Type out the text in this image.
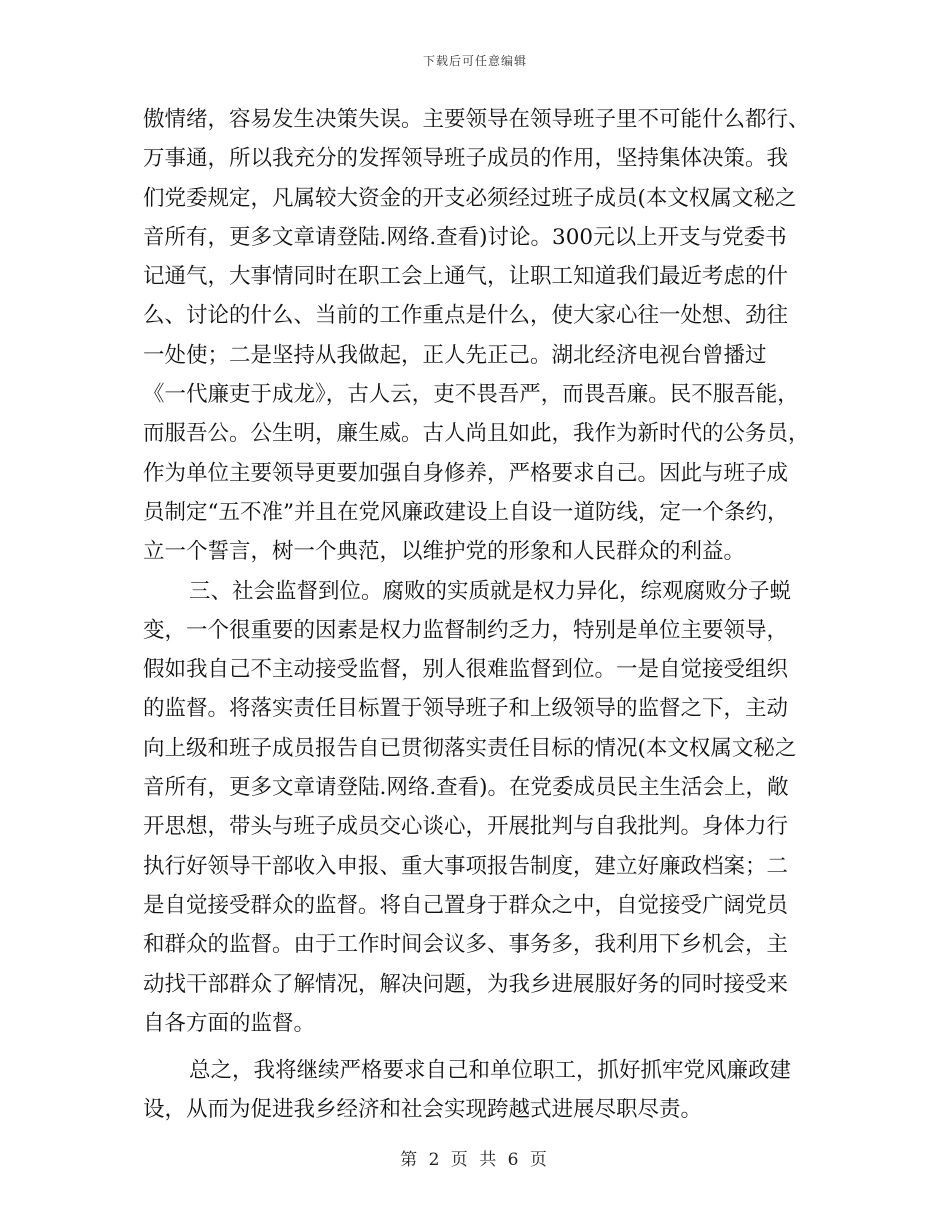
下载后可任意编辑
傲情绪，容易发生决策失误。主要领导在领导班子里不可能什么都行、
万事通，所以我充分的发挥领导班子成员的作用，坚持集体决策。我
们党委规定，凡属较大资金的开支必须经过班子成员(本文权属文秘之
音所有，更多文章请登陆.网络.查看)讨论。300元以上开支与党委书
记通气，大事情同时在职工会上通气，让职工知道我们最近考虑的什
么、讨论的什么、当前的工作重点是什么，使大家心往一处想、劲往
一处使；二是坚持从我做起，正人先正己。湖北经济电视台曾播过
《一代廉吏于成龙》，古人云，吏不畏吾严，而畏吾廉。民不服吾能，
而服吾公。公生明，廉生威。古人尚且如此，我作为新时代的公务员，
作为单位主要领导更要加强自身修养，严格要求自己。因此与班子成
员制定“五不准”并且在党风廉政建设上自设一道防线，定一个条约，
立一个誓言，树一个典范，以维护党的形象和人民群众的利益。
三、社会监督到位。腐败的实质就是权力异化，综观腐败分子蜕
变，一个很重要的因素是权力监督制约乏力，特别是单位主要领导，
假如我自己不主动接受监督，别人很难监督到位。一是自觉接受组织
的监督。将落实责任目标置于领导班子和上级领导的监督之下，主动
向上级和班子成员报告自已贯彻落实责任目标的情况(本文权属文秘之
音所有，更多文章请登陆.网络.查看)。在党委成员民主生活会上，敞
开思想，带头与班子成员交心谈心，开展批判与自我批判。身体力行
执行好领导干部收入申报、重大事项报告制度，建立好廉政档案；二
是自觉接受群众的监督。将自己置身于群众之中，自觉接受广阔党员
和群众的监督。由于工作时间会议多、事务多，我利用下乡机会，主
动找干部群众了解情况，解决问题，为我乡进展服好务的同时接受来
自各方面的监督。
总之，我将继续严格要求自己和单位职工，抓好抓牢党风廉政建
设，从而为促进我乡经济和社会实现跨越式进展尽职尽责。
第 2 页 共 6 页
